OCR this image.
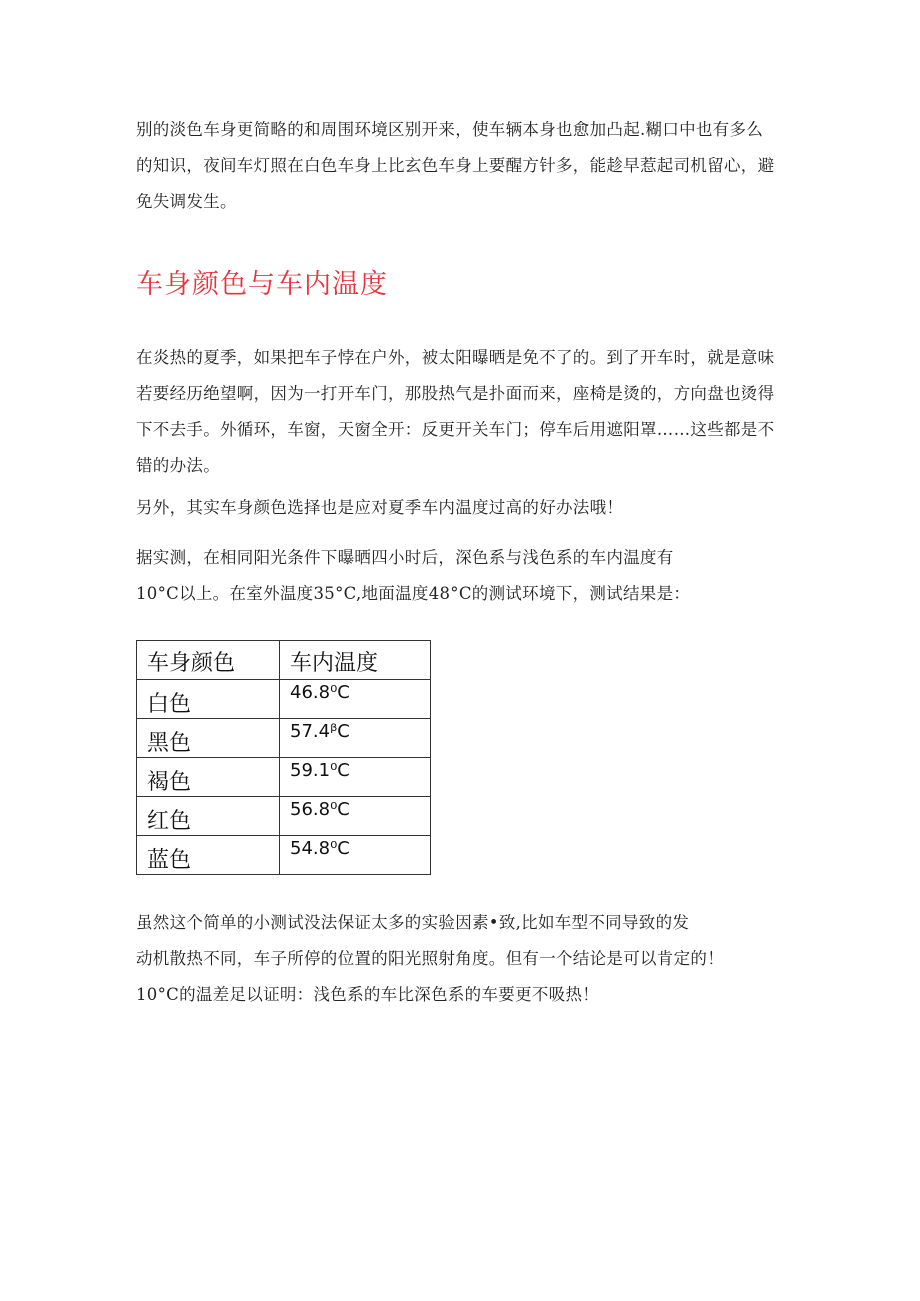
别的淡色车身更简略的和周围环境区别开来，使车辆本身也愈加凸起.糊口中也有多么
的知识，夜间车灯照在白色车身上比玄色车身上要醒方针多，能趁早惹起司机留心，避
免失调发生。
车身颜色与车内温度
在炎热的夏季，如果把车子悖在户外，被太阳曝晒是免不了的。到了开车时，就是意味
若要经历绝望啊，因为一打开车门，那股热气是扑面而来，座椅是烫的，方向盘也烫得
下不去手。外循环，车窗，天窗全开：反更开关车门；停车后用遮阳罩……这些都是不
错的办法。
另外，其实车身颜色选择也是应对夏季车内温度过高的好办法哦！
据实测，在相同阳光条件下曝晒四小时后，深色系与浅色系的车内温度有
10°C以上。在室外温度35°C,地面温度48°C的测试环境下，测试结果是：
车身颜色	车内温度
白色	46.8⁰C
黑色	57.4ᵝC
褐色	59.1⁰C
红色	56.8⁰C
蓝色	54.8⁰C
虽然这个简单的小测试没法保证太多的实验因素•致,比如车型不同导致的发
动机散热不同，车子所停的位置的阳光照射角度。但有一个结论是可以肯定的！
10°C的温差足以证明：浅色系的车比深色系的车要更不吸热！
